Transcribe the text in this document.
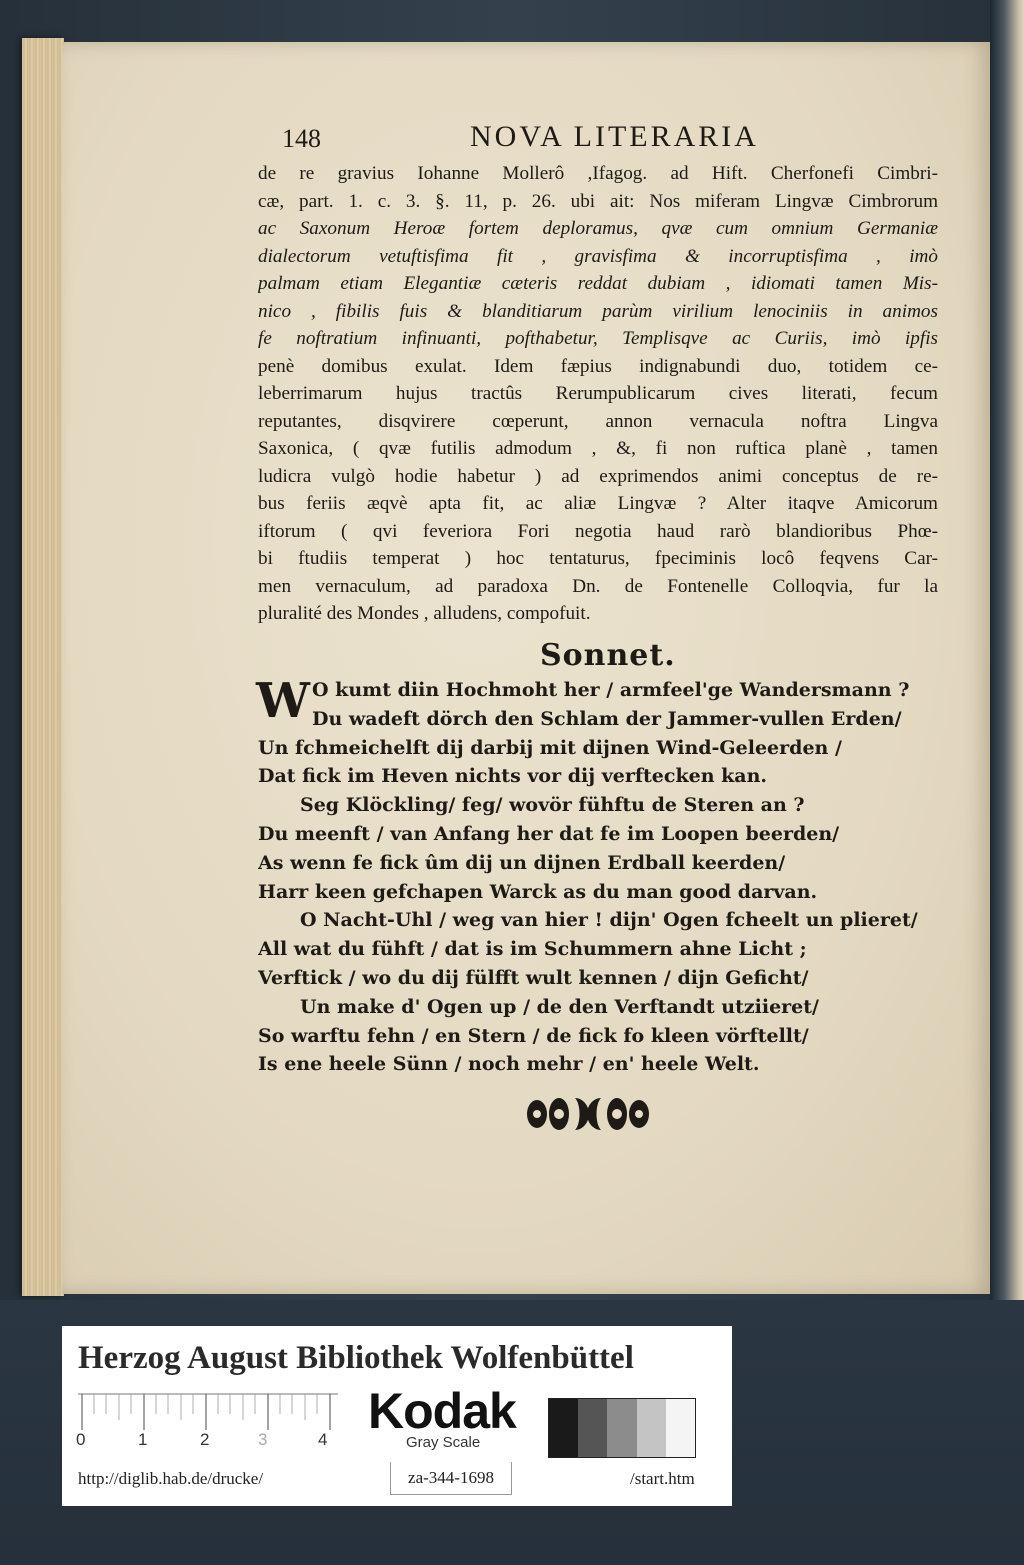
148	NOVA LITERARIA
de re gravius Iohanne Mollerô ,Ifagog. ad Hift. Cherfonefi Cimbri-
cæ, part. 1. c. 3. §. 11, p. 26. ubi ait: Nos miferam Lingvæ Cimbrorum
ac Saxonum Heroæ fortem deploramus, qvæ cum omnium Germaniæ
dialectorum vetuftisfima fit , gravisfima & incorruptisfima , imò
palmam etiam Elegantiæ cæteris reddat dubiam , idiomati tamen Mis-
nico , fibilis fuis & blanditiarum parùm virilium lenociniis in animos
fe noftratium infinuanti, pofthabetur, Templisqve ac Curiis, imò ipfis
penè domibus exulat. Idem fæpius indignabundi duo, totidem ce-
leberrimarum hujus tractûs Rerumpublicarum cives literati, fecum
reputantes, disqvirere cœperunt, annon vernacula noftra Lingva
Saxonica, ( qvæ futilis admodum , &, fi non ruftica planè , tamen
ludicra vulgò hodie habetur ) ad exprimendos animi conceptus de re-
bus feriis æqvè apta fit, ac aliæ Lingvæ ? Alter itaqve Amicorum
iftorum ( qvi feveriora Fori negotia haud rarò blandioribus Phœ-
bi ftudiis temperat ) hoc tentaturus, fpeciminis locô feqvens Car-
men vernaculum, ad paradoxa Dn. de Fontenelle Colloqvia, fur la
pluralité des Mondes , alludens, compofuit.
Sonnet.
W O kumt diin Hochmoht her / armfeel'ge Wandersmann ?
Du wadeft dörch den Schlam der Jammer-vullen Erden/
Un fchmeichelft dij darbij mit dijnen Wind-Geleerden /
Dat fick im Heven nichts vor dij verftecken kan.
Seg Klöckling/ feg/ wovör fühftu de Steren an ?
Du meenft / van Anfang her dat fe im Loopen beerden/
As wenn fe fick ûm dij un dijnen Erdball keerden/
Harr keen gefchapen Warck as du man good darvan.
O Nacht-Uhl / weg van hier ! dijn' Ogen fcheelt un plieret/
All wat du fühft / dat is im Schummern ahne Licht ;
Verftick / wo du dij fülfft wult kennen / dijn Geficht/
Un make d' Ogen up / de den Verftandt utziieret/
So warftu fehn / en Stern / de fick fo kleen vörftellt/
Is ene heele Sünn / noch mehr / en' heele Welt.
Herzog August Bibliothek Wolfenbüttel
0	1	2	3	4
Kodak
Gray Scale
http://diglib.hab.de/drucke/	za-344-1698	/start.htm
